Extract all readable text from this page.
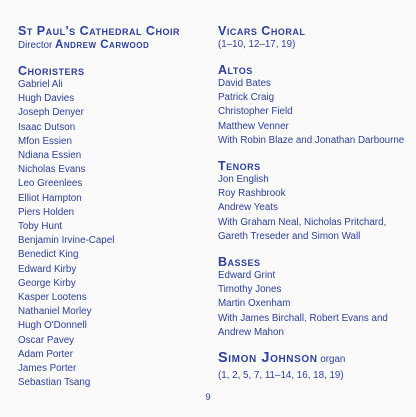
St Paul's Cathedral Choir
Director Andrew Carwood
Choristers
Gabriel Ali
Hugh Davies
Joseph Denyer
Isaac Dutson
Mfon Essien
Ndiana Essien
Nicholas Evans
Leo Greenlees
Elliot Hampton
Piers Holden
Toby Hunt
Benjamin Irvine-Capel
Benedict King
Edward Kirby
George Kirby
Kasper Lootens
Nathaniel Morley
Hugh O'Donnell
Oscar Pavey
Adam Porter
James Porter
Sebastian Tsang
Vicars Choral
(1–10, 12–17, 19)
Altos
David Bates
Patrick Craig
Christopher Field
Matthew Venner
With Robin Blaze and Jonathan Darbourne
Tenors
Jon English
Roy Rashbrook
Andrew Yeats
With Graham Neal, Nicholas Pritchard,
Gareth Treseder and Simon Wall
Basses
Edward Grint
Timothy Jones
Martin Oxenham
With James Birchall, Robert Evans and
Andrew Mahon
Simon Johnson organ
(1, 2, 5, 7, 11–14, 16, 18, 19)
9
